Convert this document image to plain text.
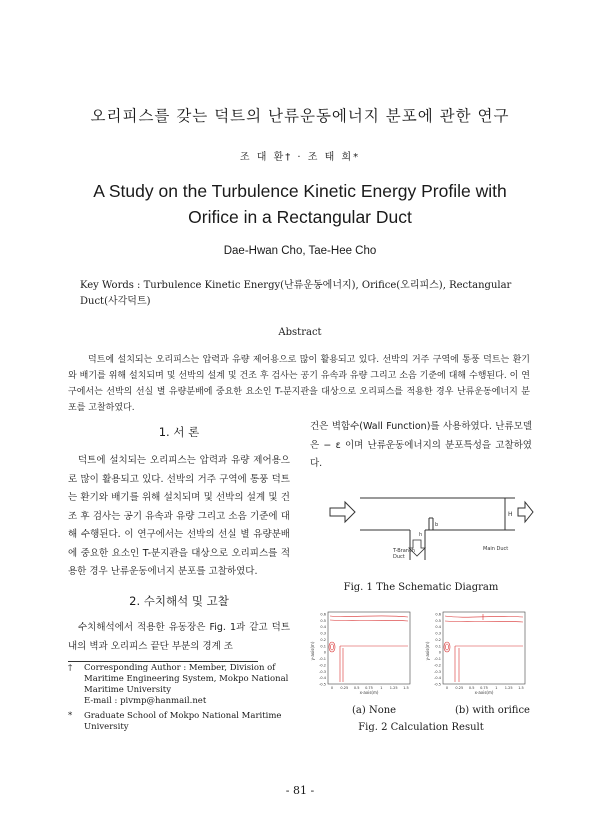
오리피스를 갖는 덕트의 난류운동에너지 분포에 관한 연구
조 대 환† · 조 태 희*
A Study on the Turbulence Kinetic Energy Profile with
Orifice in a Rectangular Duct
Dae-Hwan Cho, Tae-Hee Cho
Key Words : Turbulence Kinetic Energy(난류운동에너지), Orifice(오리피스), Rectangular Duct(사각덕트)
Abstract
덕트에 설치되는 오리피스는 압력과 유량 제어용으로 많이 활용되고 있다. 선박의 거주 구역에 통풍 덕트는 환기와 배기를 위해 설치되며 및 선박의 설계 및 건조 후 검사는 공기 유속과 유량 그리고 소음 기준에 대해 수행된다. 이 연구에서는 선박의 선실 별 유량분배에 중요한 요소인 T-분지관을 대상으로 오리피스를 적용한 경우 난류운동에너지 분포를 고찰하였다.
1. 서 론
덕트에 설치되는 오리피스는 압력과 유량 제어용으로 많이 활용되고 있다. 선박의 거주 구역에 통풍 덕트는 환기와 배기를 위해 설치되며 및 선박의 설계 및 건조 후 검사는 공기 유속과 유량 그리고 소음 기준에 대해 수행된다. 이 연구에서는 선박의 선실 별 유량분배에 중요한 요소인 T-분지관을 대상으로 오리피스를 적용한 경우 난류운동에너지 분포를 고찰하였다.
2. 수치해석 및 고찰
수치해석에서 적용한 유동장은 Fig. 1과 같고 덕트 내의 벽과 오리피스 끝단 부분의 경계 조
† Corresponding Author : Member, Division of Maritime Engineering System, Mokpo National Maritime University
E-mail : pivmp@hanmail.net
* Graduate School of Mokpo National Maritime University
건은 벽함수(Wall Function)를 사용하였다. 난류모델은 − ε 이며 난류운동에너지의 분포특성을 고찰하였다.
H
b
h
T-Branch
Duct
Main Duct
Fig. 1 The Schematic Diagram
y-axis(m)
0.6
0.5
0.4
0.3
0.2
0.1
0
-0.1
-0.2
-0.3
-0.4
-0.5
0 0.25 0.5 0.75 1 1.25 1.5
x-axis(m)
y-axis(m)
0.6
0.5
0.4
0.3
0.2
0.1
0
-0.1
-0.2
-0.3
-0.4
-0.5
0 0.25 0.5 0.75 1 1.25 1.5
x-axis(m)
(a) None	(b) with orifice
Fig. 2 Calculation Result
- 81 -
